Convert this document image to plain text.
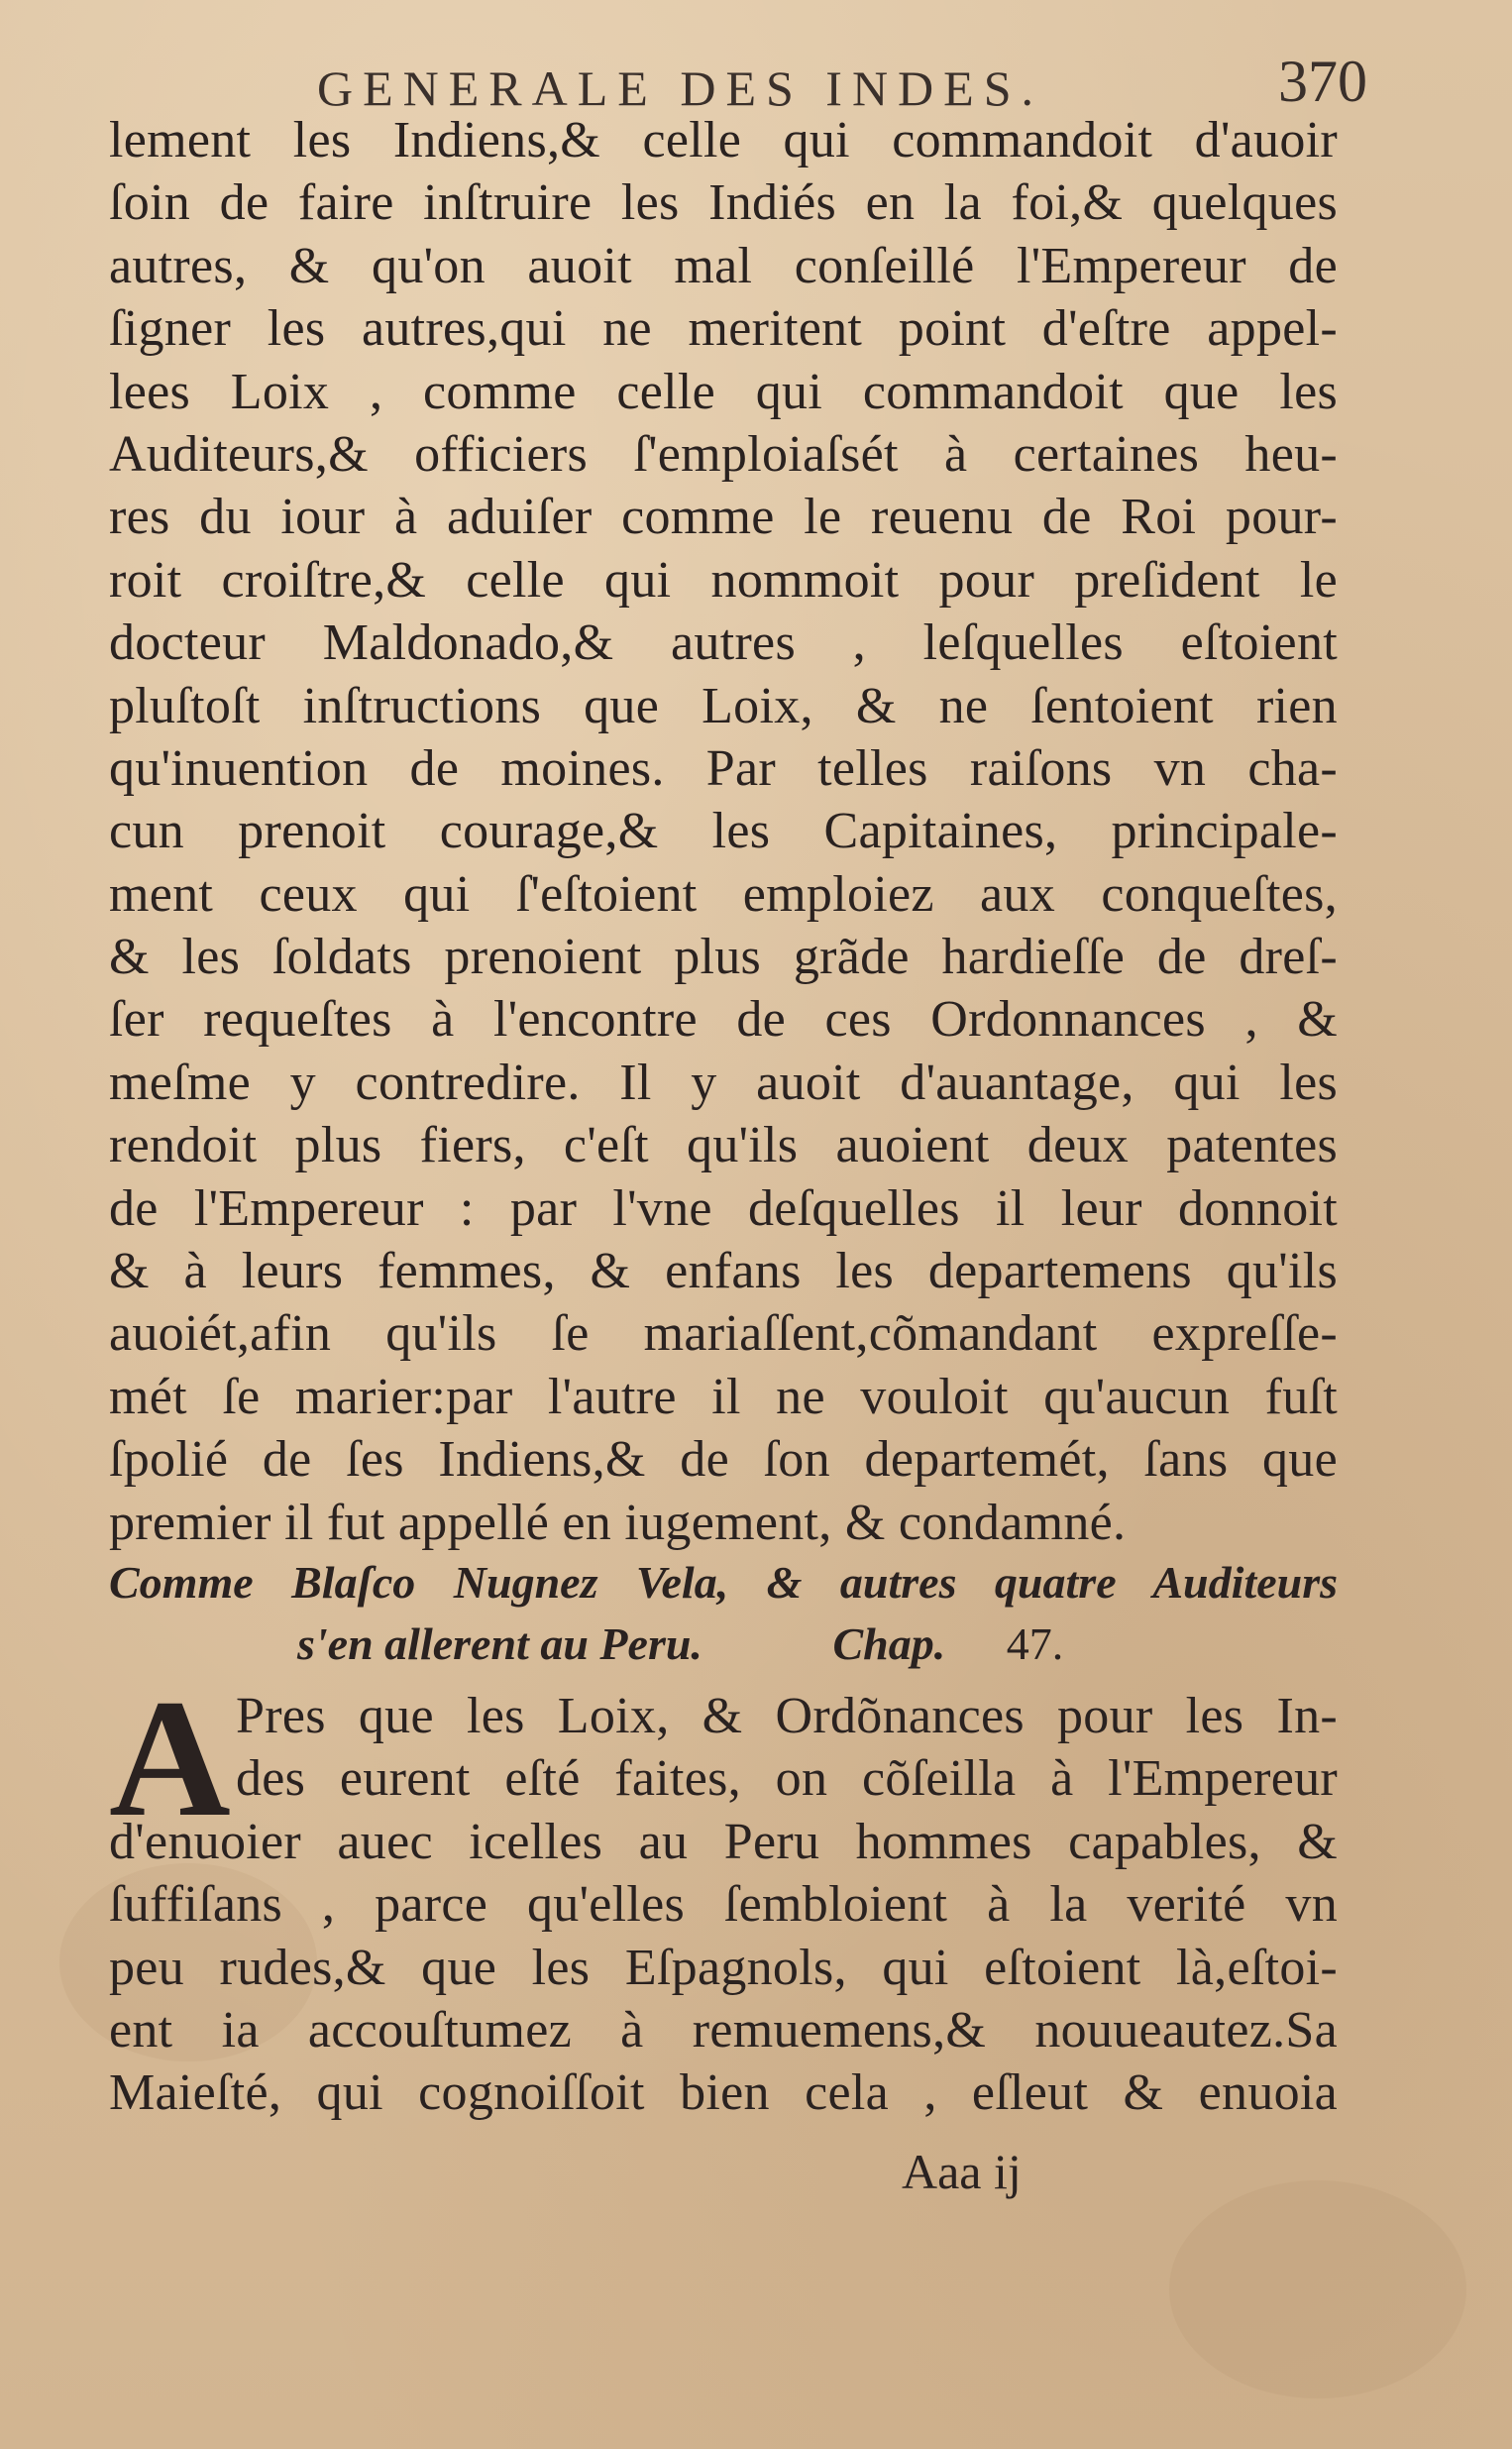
GENERALE DES INDES.	370
lement les Indiens,& celle qui commandoit d'auoir
ſoin de faire inſtruire les Indiés en la foi,& quelques
autres, & qu'on auoit mal conſeillé l'Empereur de
ſigner les autres,qui ne meritent point d'eſtre appel-
lees Loix , comme celle qui commandoit que les
Auditeurs,& officiers ſ'emploiaſsét à certaines heu-
res du iour à aduiſer comme le reuenu de Roi pour-
roit croiſtre,& celle qui nommoit pour preſident le
docteur Maldonado,& autres , leſquelles eſtoient
pluſtoſt inſtructions que Loix, & ne ſentoient rien
qu'inuention de moines. Par telles raiſons vn cha-
cun prenoit courage,& les Capitaines, principale-
ment ceux qui ſ'eſtoient emploiez aux conqueſtes,
& les ſoldats prenoient plus grãde hardieſſe de dreſ-
ſer requeſtes à l'encontre de ces Ordonnances , &
meſme y contredire. Il y auoit d'auantage, qui les
rendoit plus fiers, c'eſt qu'ils auoient deux patentes
de l'Empereur : par l'vne deſquelles il leur donnoit
& à leurs femmes, & enfans les departemens qu'ils
auoiét,afin qu'ils ſe mariaſſent,cõmandant expreſſe-
mét ſe marier:par l'autre il ne vouloit qu'aucun fuſt
ſpolié de ſes Indiens,& de ſon departemét, ſans que
premier il fut appellé en iugement, & condamné.
Comme Blaſco Nugnez Vela, & autres quatre Auditeurs
s'en allerent au Peru.	Chap. 47.
A Pres que les Loix, & Ordõnances pour les In-
des eurent eſté faites, on cõſeilla à l'Empereur
d'enuoier auec icelles au Peru hommes capables, &
ſuffiſans , parce qu'elles ſembloient à la verité vn
peu rudes,& que les Eſpagnols, qui eſtoient là,eſtoi-
ent ia accouſtumez à remuemens,& nouueautez.Sa
Maieſté, qui cognoiſſoit bien cela , eſleut & enuoia
Aaa ij
